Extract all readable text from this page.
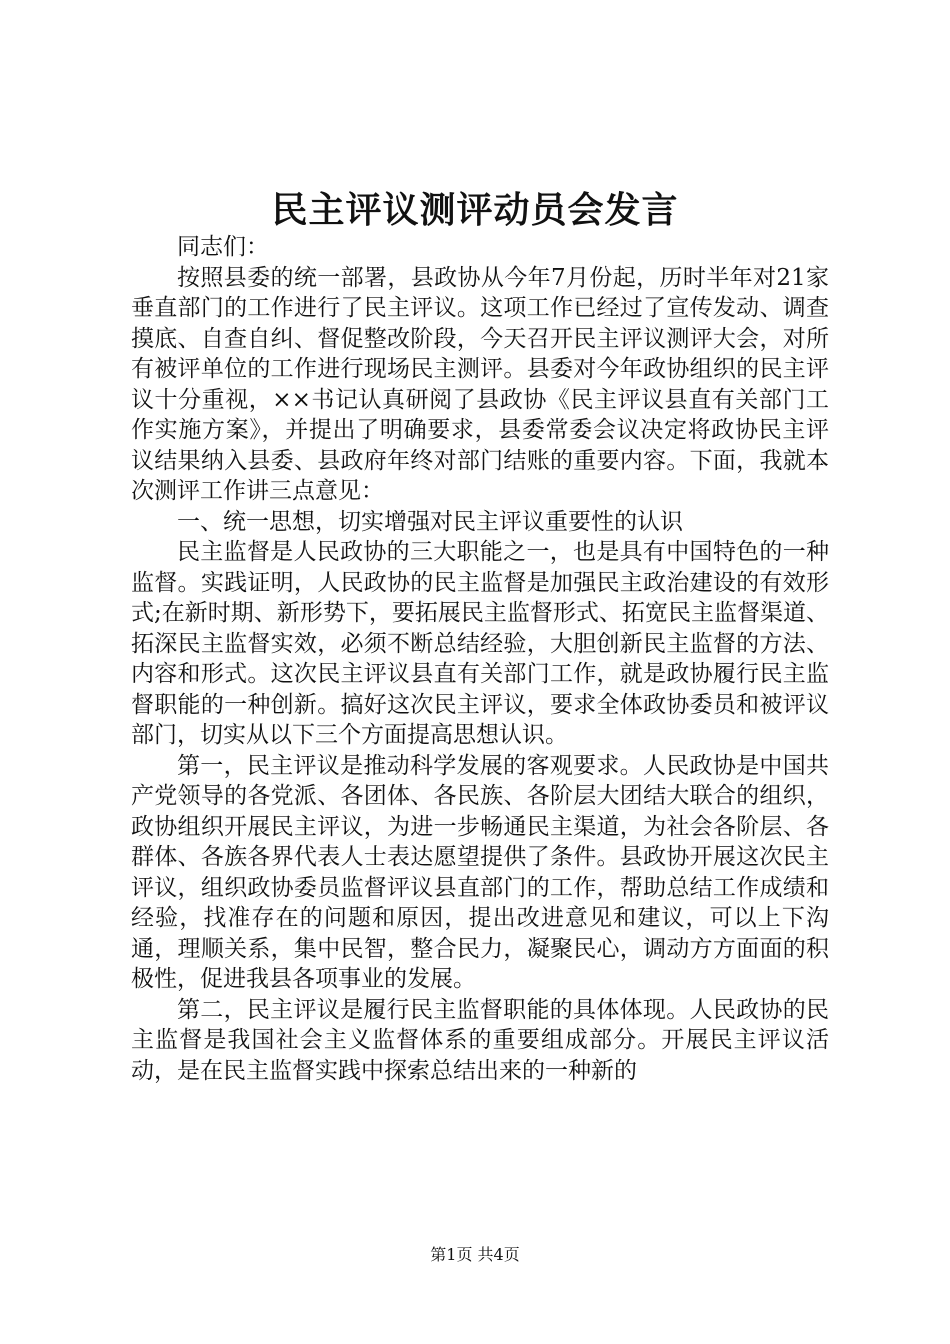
民主评议测评动员会发言

同志们：

按照县委的统一部署，县政协从今年7月份起，历时半年对21家垂直部门的工作进行了民主评议。这项工作已经过了宣传发动、调查摸底、自查自纠、督促整改阶段，今天召开民主评议测评大会，对所有被评单位的工作进行现场民主测评。县委对今年政协组织的民主评议十分重视，××书记认真研阅了县政协《民主评议县直有关部门工作实施方案》，并提出了明确要求，县委常委会议决定将政协民主评议结果纳入县委、县政府年终对部门结账的重要内容。下面，我就本次测评工作讲三点意见：

一、统一思想，切实增强对民主评议重要性的认识

民主监督是人民政协的三大职能之一，也是具有中国特色的一种监督。实践证明，人民政协的民主监督是加强民主政治建设的有效形式;在新时期、新形势下，要拓展民主监督形式、拓宽民主监督渠道、拓深民主监督实效，必须不断总结经验，大胆创新民主监督的方法、内容和形式。这次民主评议县直有关部门工作，就是政协履行民主监督职能的一种创新。搞好这次民主评议，要求全体政协委员和被评议部门，切实从以下三个方面提高思想认识。

第一，民主评议是推动科学发展的客观要求。人民政协是中国共产党领导的各党派、各团体、各民族、各阶层大团结大联合的组织，政协组织开展民主评议，为进一步畅通民主渠道，为社会各阶层、各群体、各族各界代表人士表达愿望提供了条件。县政协开展这次民主评议，组织政协委员监督评议县直部门的工作，帮助总结工作成绩和经验，找准存在的问题和原因，提出改进意见和建议，可以上下沟通，理顺关系，集中民智，整合民力，凝聚民心，调动方方面面的积极性，促进我县各项事业的发展。

第二，民主评议是履行民主监督职能的具体体现。人民政协的民主监督是我国社会主义监督体系的重要组成部分。开展民主评议活动，是在民主监督实践中探索总结出来的一种新的

第1页 共4页
